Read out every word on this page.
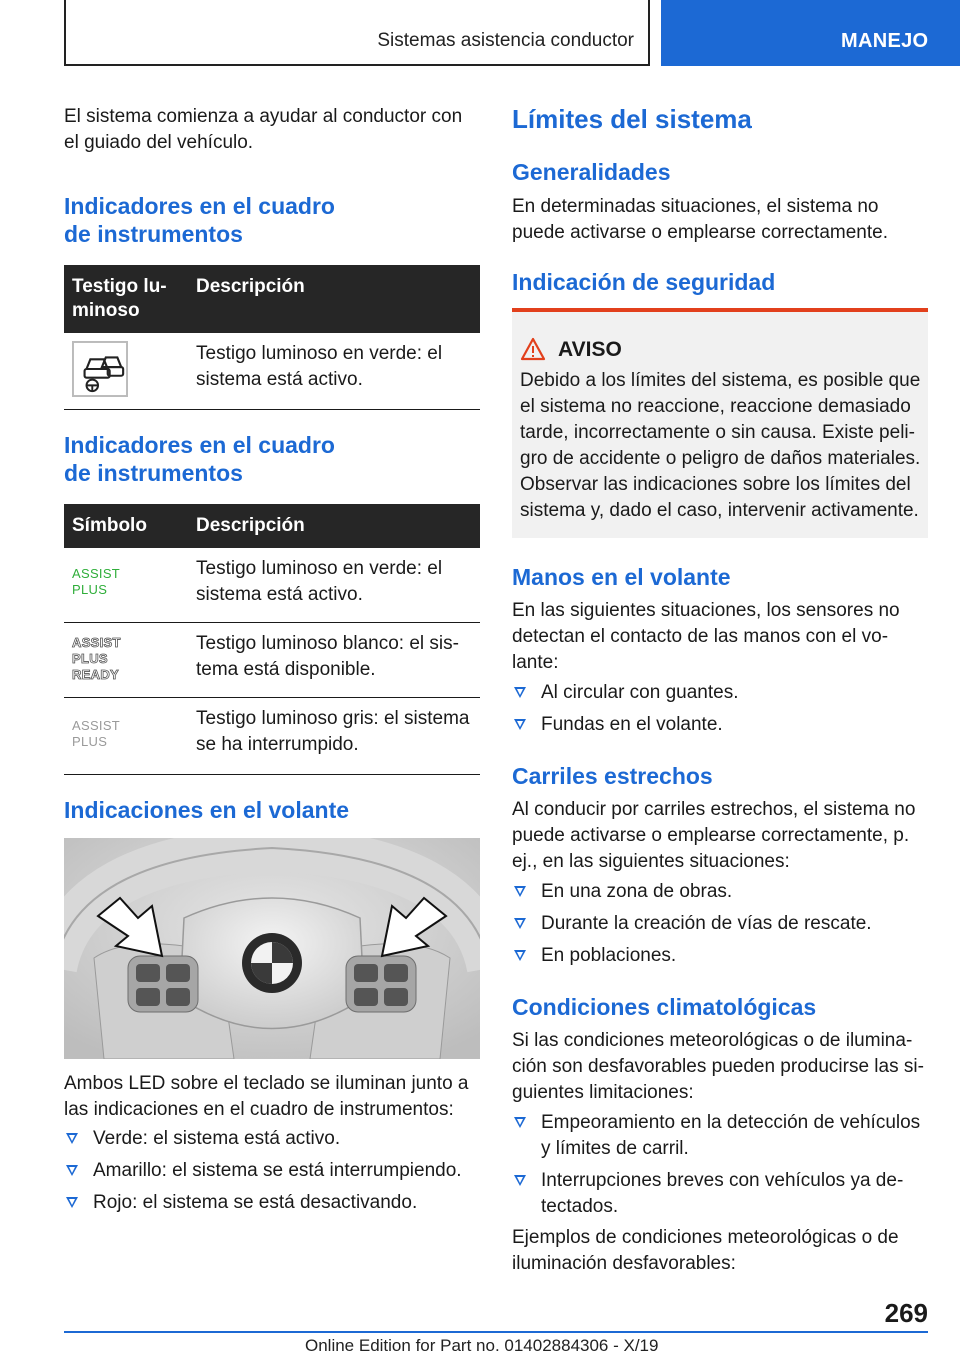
Sistemas asistencia conductor	MANEJO

El sistema comienza a ayudar al conductor con el guiado del vehículo.

Indicadores en el cuadro
de instrumentos
Testigo lu-
minoso	Descripción

	Testigo luminoso en verde: el sistema está activo.
Indicadores en el cuadro
de instrumentos
Símbolo	Descripción

ASSIST
PLUS	Testigo luminoso en verde: el sistema está activo.

ASSIST
PLUS
READY	Testigo luminoso blanco: el sistema está disponible.

ASSIST
PLUS	Testigo luminoso gris: el sistema se ha interrumpido.
Indicaciones en el volante

Ambos LED sobre el teclado se iluminan junto a las indicaciones en el cuadro de instrumentos:

Verde: el sistema está activo.
Amarillo: el sistema se está interrumpiendo.
Rojo: el sistema se está desactivando.
Límites del sistema
Generalidades

En determinadas situaciones, el sistema no puede activarse o emplearse correctamente.

Indicación de seguridad
AVISO
Debido a los límites del sistema, es posible que el sistema no reaccione, reaccione demasiado tarde, incorrectamente o sin causa. Existe peligro de accidente o peligro de daños materiales. Observar las indicaciones sobre los límites del sistema y, dado el caso, intervenir activamente.
Manos en el volante

En las siguientes situaciones, los sensores no detectan el contacto de las manos con el volante:

Al circular con guantes.
Fundas en el volante.
Carriles estrechos

Al conducir por carriles estrechos, el sistema no puede activarse o emplearse correctamente, p. ej., en las siguientes situaciones:

En una zona de obras.
Durante la creación de vías de rescate.
En poblaciones.
Condiciones climatológicas

Si las condiciones meteorológicas o de iluminación son desfavorables pueden producirse las siguientes limitaciones:

Empeoramiento en la detección de vehículos y límites de carril.
Interrupciones breves con vehículos ya detectados.

Ejemplos de condiciones meteorológicas o de iluminación desfavorables:

269
Online Edition for Part no. 01402884306 - X/19
